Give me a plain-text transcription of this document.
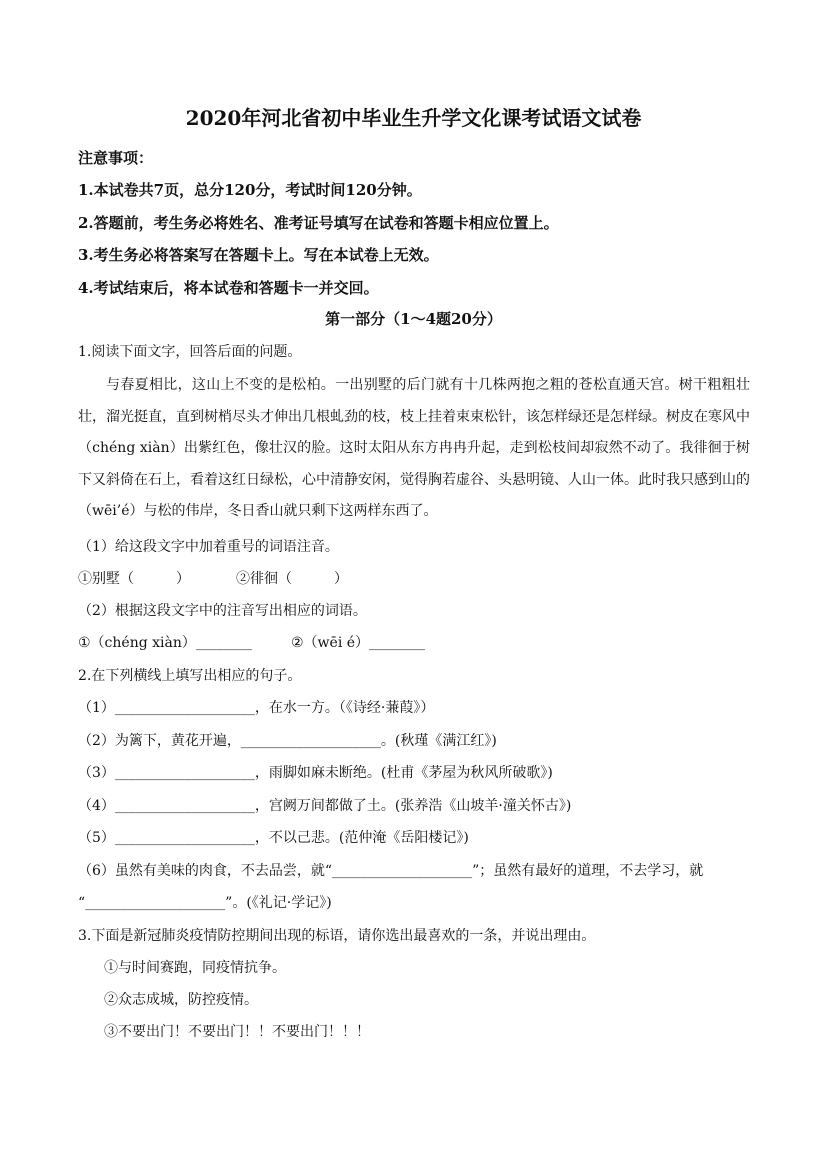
2020年河北省初中毕业生升学文化课考试语文试卷
注意事项：
1.本试卷共7页，总分120分，考试时间120分钟。
2.答题前，考生务必将姓名、准考证号填写在试卷和答题卡相应位置上。
3.考生务必将答案写在答题卡上。写在本试卷上无效。
4.考试结束后，将本试卷和答题卡一并交回。
第一部分（1～4题20分）
1.阅读下面文字，回答后面的问题。
与春夏相比，这山上不变的是松柏。一出别墅的后门就有十几株两抱之粗的苍松直通天宫。树干粗粗壮壮，溜光挺直，直到树梢尽头才伸出几根虬劲的枝，枝上挂着束束松针，该怎样绿还是怎样绿。树皮在寒风中（chéng xiàn）出紫红色，像壮汉的脸。这时太阳从东方冉冉升起，走到松枝间却寂然不动了。我徘徊于树下又斜倚在石上，看着这红日绿松，心中清静安闲，觉得胸若虚谷、头悬明镜、人山一体。此时我只感到山的（wēi’é）与松的伟岸，冬日香山就只剩下这两样东西了。
（1）给这段文字中加着重号的词语注音。
①别墅（　　　）	②徘徊（　　　）
（2）根据这段文字中的注音写出相应的词语。
①（chéng xiàn）________	②（wēi é）________
2.在下列横线上填写出相应的句子。
（1）____________________，在水一方。（《诗经·蒹葭》）
（2）为篱下，黄花开遍，____________________。(秋瑾《满江红》)
（3）____________________，雨脚如麻未断绝。(杜甫《茅屋为秋风所破歌》)
（4）____________________，宫阙万间都做了土。(张养浩《山坡羊·潼关怀古》)
（5）____________________，不以己悲。(范仲淹《岳阳楼记》)
（6）虽然有美味的肉食，不去品尝，就“____________________”；虽然有最好的道理，不去学习，就
“____________________”。(《礼记·学记》)
3.下面是新冠肺炎疫情防控期间出现的标语，请你选出最喜欢的一条，并说出理由。
①与时间赛跑，同疫情抗争。
②众志成城，防控疫情。
③不要出门！不要出门！！不要出门！！！
